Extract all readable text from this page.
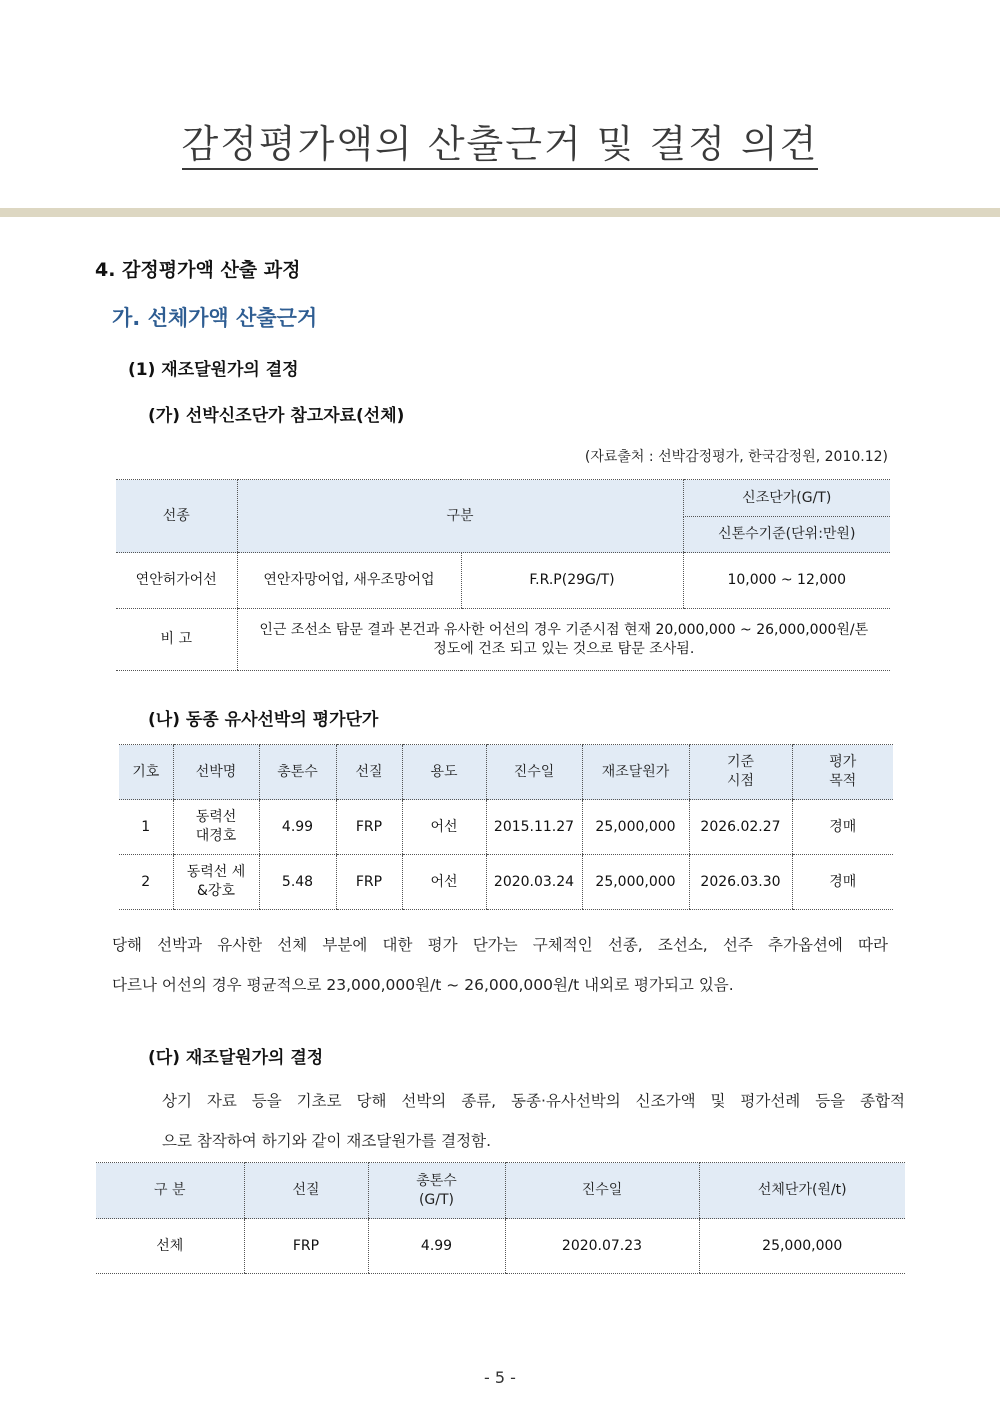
감정평가액의 산출근거 및 결정 의견
4. 감정평가액 산출 과정
가. 선체가액 산출근거
(1) 재조달원가의 결정
(가) 선박신조단가 참고자료(선체)
(자료출처 : 선박감정평가, 한국감정원, 2010.12)
선종	구분		신조단가(G/T)
			신톤수기준(단위:만원)
연안허가어선	연안자망어업, 새우조망어업	F.R.P(29G/T)	10,000 ~ 12,000
비 고	인근 조선소 탐문 결과 본건과 유사한 어선의 경우 기준시점 현재 20,000,000 ~ 26,000,000원/톤 정도에 건조 되고 있는 것으로 탐문 조사됨.		
(나) 동종 유사선박의 평가단가
기호	선박명	총톤수	선질	용도	진수일	재조달원가	기준 시점	평가 목적
1	동력선 대경호	4.99	FRP	어선	2015.11.27	25,000,000	2026.02.27	경매
2	동력선 세&강호	5.48	FRP	어선	2020.03.24	25,000,000	2026.03.30	경매
당해 선박과 유사한 선체 부분에 대한 평가 단가는 구체적인 선종, 조선소, 선주 추가옵션에 따라
다르나 어선의 경우 평균적으로 23,000,000원/t ~ 26,000,000원/t 내외로 평가되고 있음.
(다) 재조달원가의 결정
상기 자료 등을 기초로 당해 선박의 종류, 동종·유사선박의 신조가액 및 평가선례 등을 종합적
으로 참작하여 하기와 같이 재조달원가를 결정함.
구 분	선질	총톤수 (G/T)	진수일	선체단가(원/t)
선체	FRP	4.99	2020.07.23	25,000,000
- 5 -
